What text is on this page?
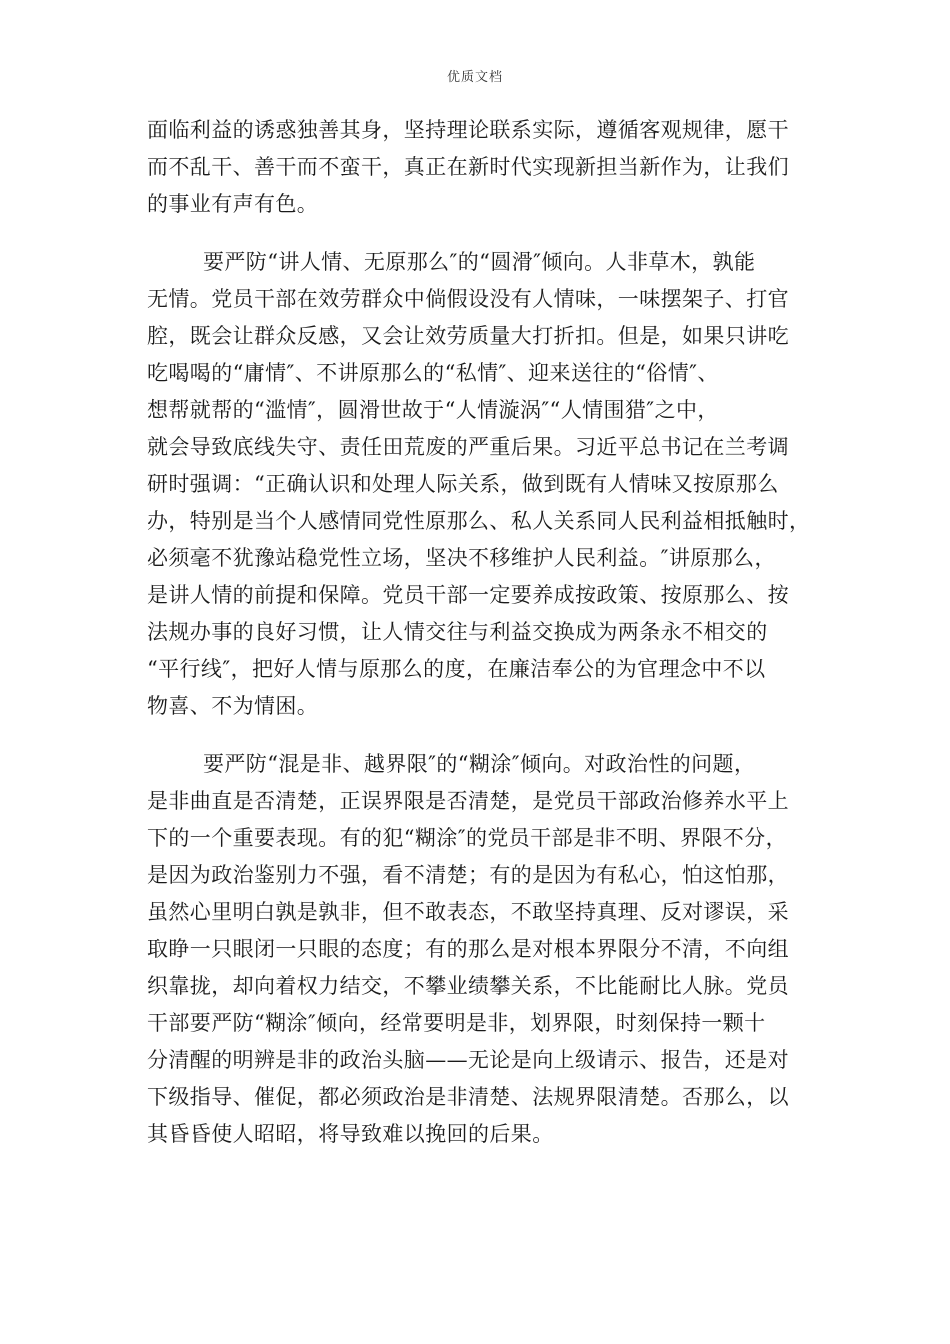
优质文档
面临利益的诱惑独善其身，坚持理论联系实际，遵循客观规律，愿干
而不乱干、善干而不蛮干，真正在新时代实现新担当新作为，让我们
的事业有声有色。
要严防“讲人情、无原那么″的“圆滑″倾向。人非草木，孰能
无情。党员干部在效劳群众中倘假设没有人情味，一味摆架子、打官
腔，既会让群众反感，又会让效劳质量大打折扣。但是，如果只讲吃
吃喝喝的“庸情″、不讲原那么的“私情″、迎来送往的“俗情″、
想帮就帮的“滥情″，圆滑世故于“人情漩涡″“人情围猎″之中，
就会导致底线失守、责任田荒废的严重后果。习近平总书记在兰考调
研时强调：“正确认识和处理人际关系，做到既有人情味又按原那么
办，特别是当个人感情同党性原那么、私人关系同人民利益相抵触时，
必须毫不犹豫站稳党性立场，坚决不移维护人民利益。″讲原那么，
是讲人情的前提和保障。党员干部一定要养成按政策、按原那么、按
法规办事的良好习惯，让人情交往与利益交换成为两条永不相交的
“平行线″，把好人情与原那么的度，在廉洁奉公的为官理念中不以
物喜、不为情困。
要严防“混是非、越界限″的“糊涂″倾向。对政治性的问题，
是非曲直是否清楚，正误界限是否清楚，是党员干部政治修养水平上
下的一个重要表现。有的犯“糊涂″的党员干部是非不明、界限不分，
是因为政治鉴别力不强，看不清楚；有的是因为有私心，怕这怕那，
虽然心里明白孰是孰非，但不敢表态，不敢坚持真理、反对谬误，采
取睁一只眼闭一只眼的态度；有的那么是对根本界限分不清，不向组
织靠拢，却向着权力结交，不攀业绩攀关系，不比能耐比人脉。党员
干部要严防“糊涂″倾向，经常要明是非，划界限，时刻保持一颗十
分清醒的明辨是非的政治头脑——无论是向上级请示、报告，还是对
下级指导、催促，都必须政治是非清楚、法规界限清楚。否那么，以
其昏昏使人昭昭，将导致难以挽回的后果。
